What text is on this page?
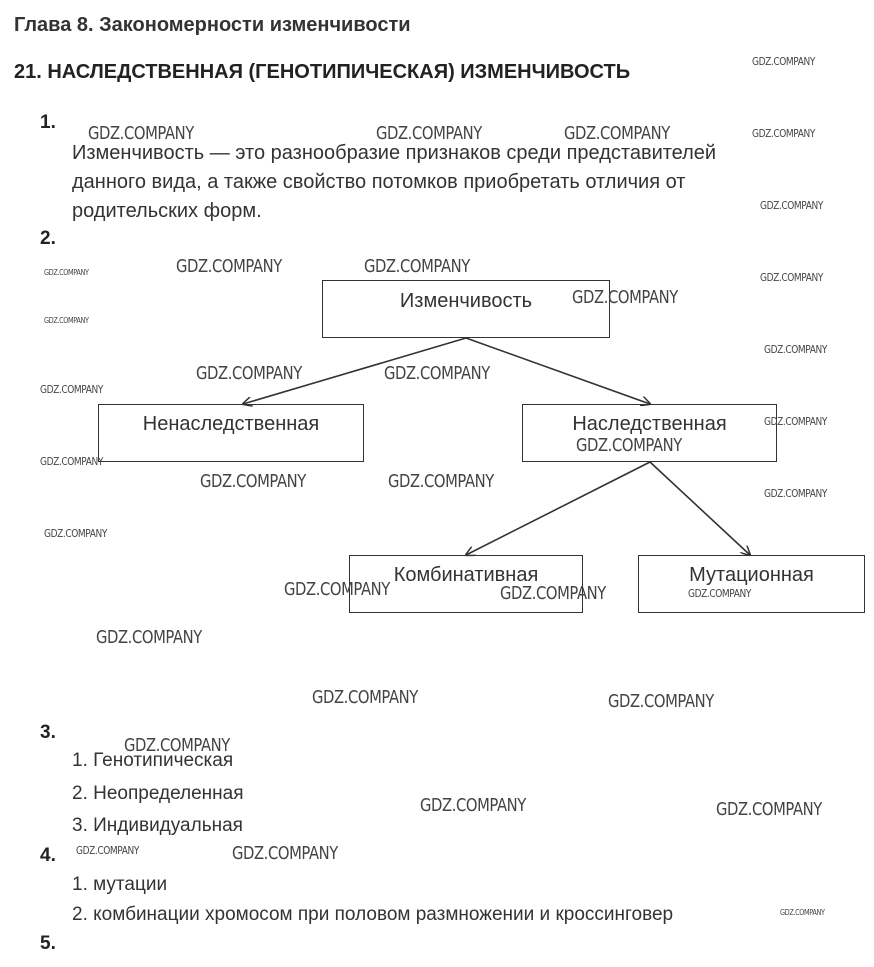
Глава 8. Закономерности изменчивости
21. НАСЛЕДСТВЕННАЯ (ГЕНОТИПИЧЕСКАЯ) ИЗМЕНЧИВОСТЬ
1.
Изменчивость — это разнообразие признаков среди представителей
данного вида, а также свойство потомков приобретать отличия от
родительских форм.
2.
Изменчивость
Ненаследственная	Наследственная
Комбинативная	Мутационная
3.
1. Генотипическая
2. Неопределенная
3. Индивидуальная
4.
1. мутации
2. комбинации хромосом при половом размножении и кроссинговер
5.
GDZ.COMPANY
GDZ.COMPANY	GDZ.COMPANY	GDZ.COMPANY	GDZ.COMPANY
GDZ.COMPANY
GDZ.COMPANY	GDZ.COMPANY
GDZ.COMPANY	GDZ.COMPANY
GDZ.COMPANY
GDZ.COMPANY
GDZ.COMPANY
GDZ.COMPANY	GDZ.COMPANY
GDZ.COMPANY
GDZ.COMPANY
GDZ.COMPANY
GDZ.COMPANY
GDZ.COMPANY	GDZ.COMPANY
GDZ.COMPANY
GDZ.COMPANY
GDZ.COMPANY	GDZ.COMPANY	GDZ.COMPANY
GDZ.COMPANY
GDZ.COMPANY	GDZ.COMPANY
GDZ.COMPANY
GDZ.COMPANY	GDZ.COMPANY
GDZ.COMPANY	GDZ.COMPANY
GDZ.COMPANY
